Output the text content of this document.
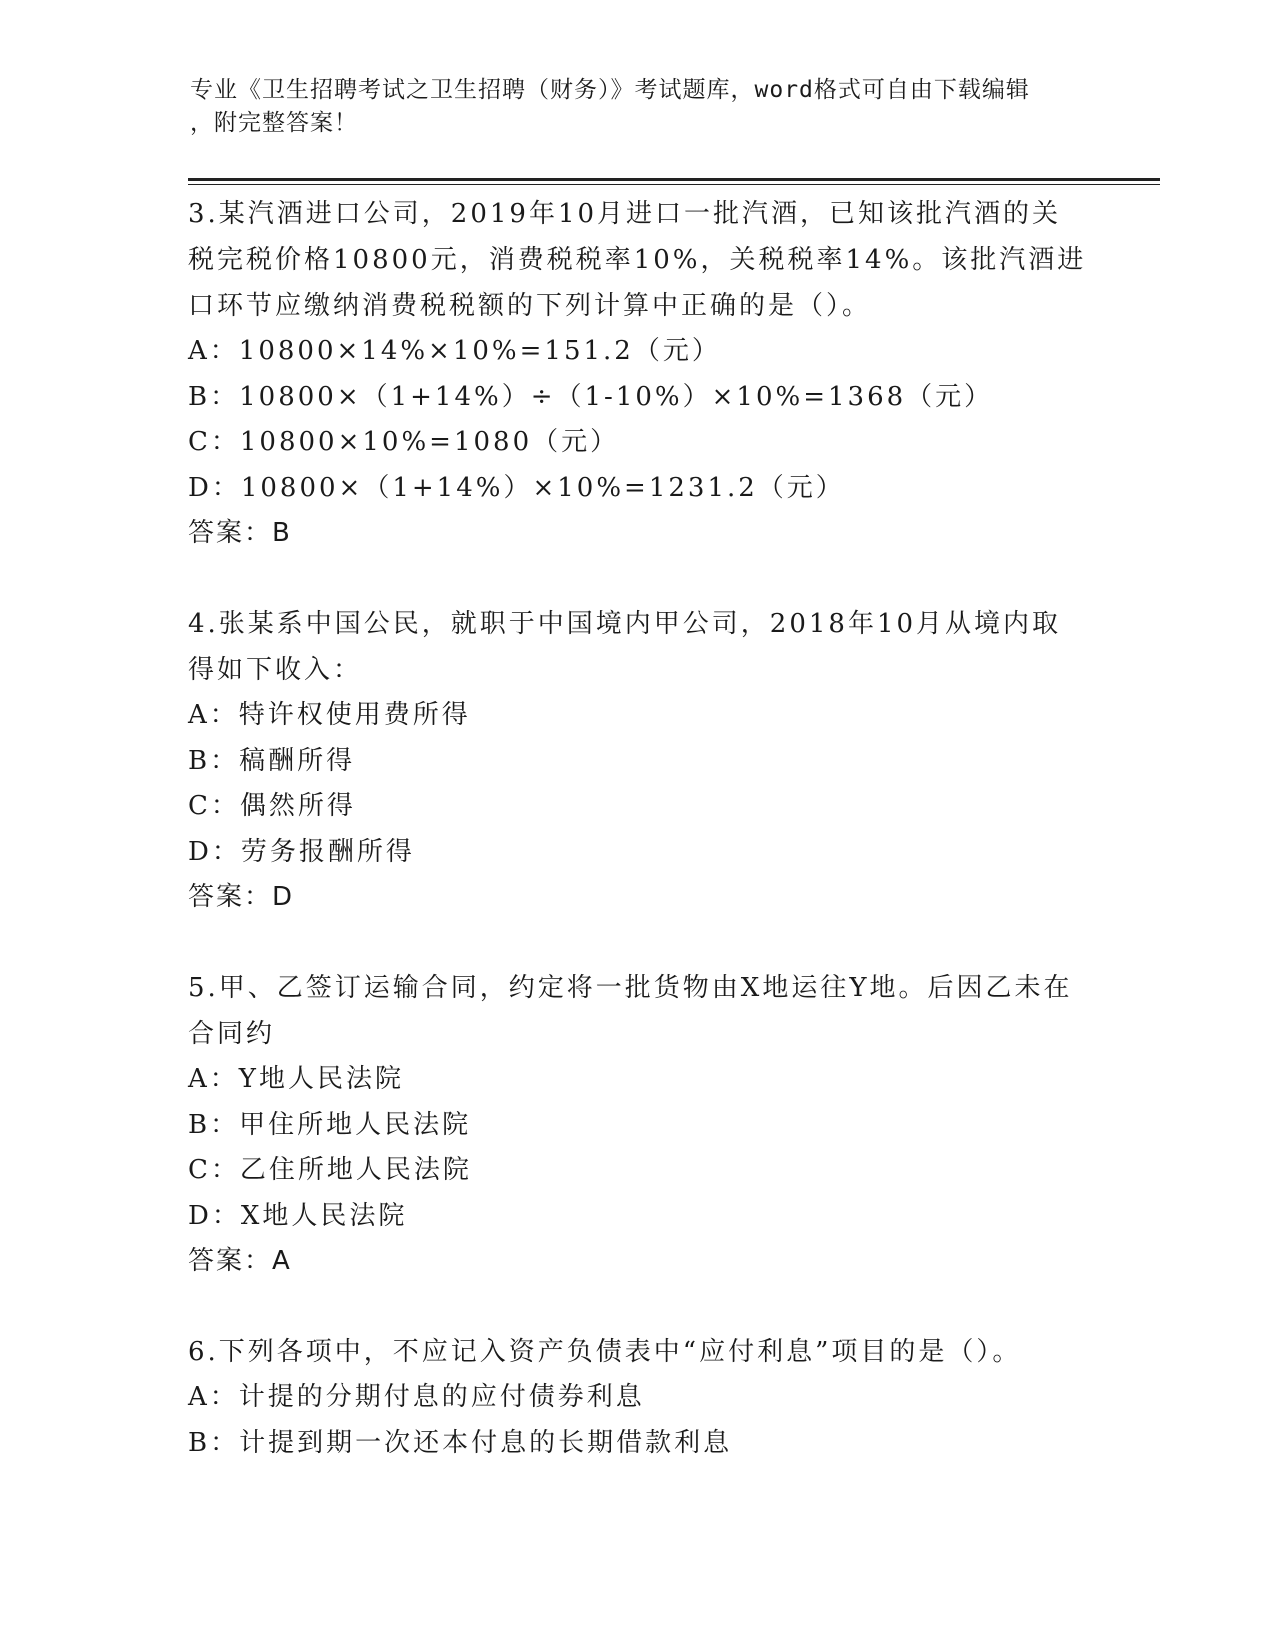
专业《卫生招聘考试之卫生招聘（财务）》考试题库，word格式可自由下载编辑
，附完整答案！

3.某汽酒进口公司，2019年10月进口一批汽酒，已知该批汽酒的关税完税价格10800元，消费税税率10%，关税税率14%。该批汽酒进口环节应缴纳消费税税额的下列计算中正确的是（）。

A：10800×14%×10%=151.2（元）

B：10800×（1+14%）÷（1-10%）×10%=1368（元）

C：10800×10%=1080（元）

D：10800×（1+14%）×10%=1231.2（元）

答案：B

4.张某系中国公民，就职于中国境内甲公司，2018年10月从境内取得如下收入：

A：特许权使用费所得

B：稿酬所得

C：偶然所得

D：劳务报酬所得

答案：D

5.甲、乙签订运输合同，约定将一批货物由X地运往Y地。后因乙未在合同约

A：Y地人民法院

B：甲住所地人民法院

C：乙住所地人民法院

D：X地人民法院

答案：A

6.下列各项中，不应记入资产负债表中“应付利息”项目的是（）。

A：计提的分期付息的应付债券利息

B：计提到期一次还本付息的长期借款利息
